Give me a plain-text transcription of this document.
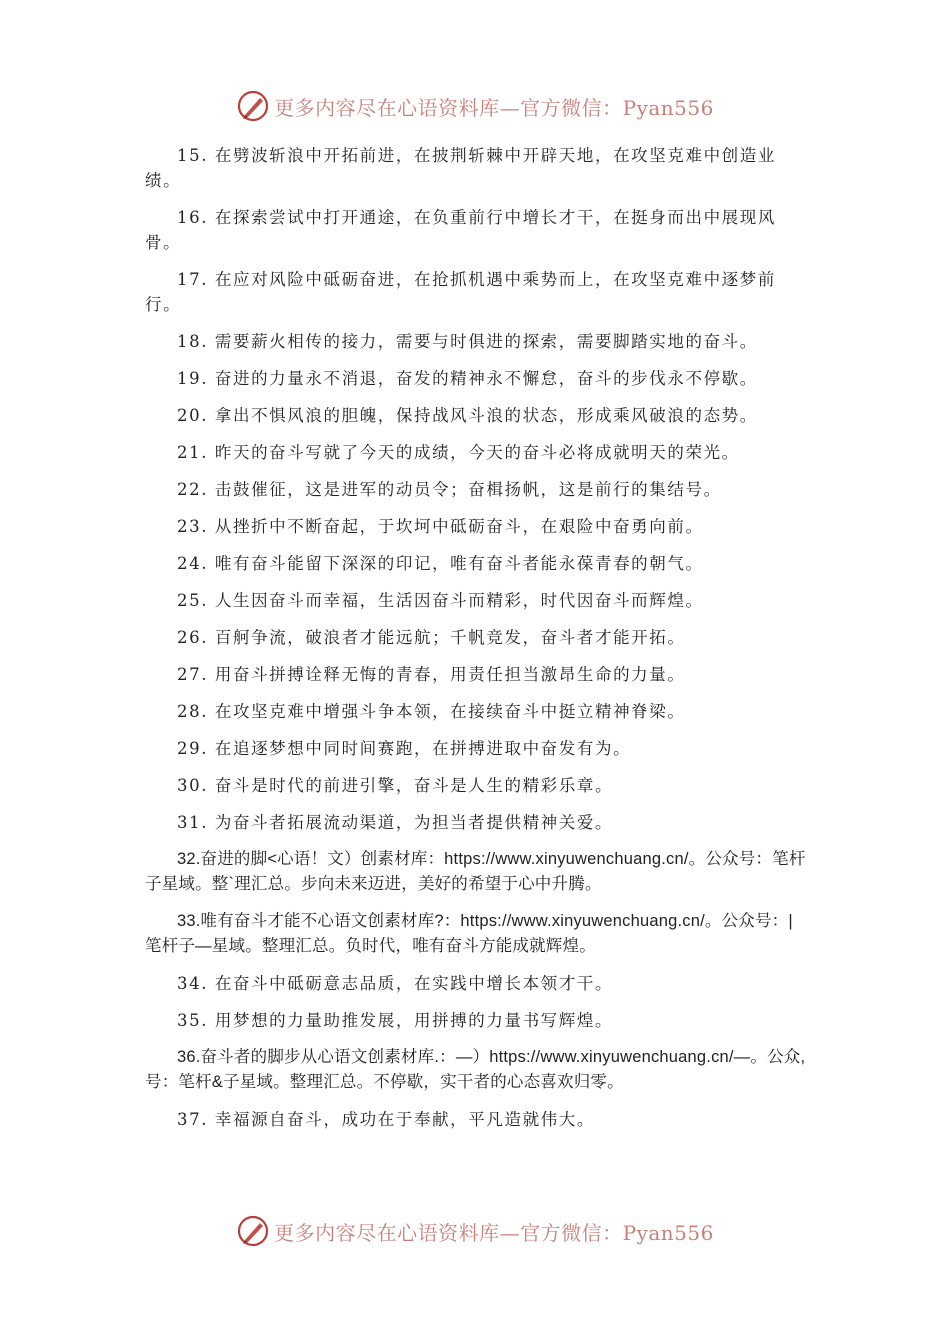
更多内容尽在心语资料库— 官方微信：Pyan556

15. 在劈波斩浪中开拓前进，在披荆斩棘中开辟天地，在攻坚克难中创造业绩。

16. 在探索尝试中打开通途，在负重前行中增长才干，在挺身而出中展现风骨。

17. 在应对风险中砥砺奋进，在抢抓机遇中乘势而上，在攻坚克难中逐梦前行。

18. 需要薪火相传的接力，需要与时俱进的探索，需要脚踏实地的奋斗。

19. 奋进的力量永不消退，奋发的精神永不懈怠，奋斗的步伐永不停歇。

20. 拿出不惧风浪的胆魄，保持战风斗浪的状态，形成乘风破浪的态势。

21. 昨天的奋斗写就了今天的成绩，今天的奋斗必将成就明天的荣光。

22. 击鼓催征，这是进军的动员令；奋楫扬帆，这是前行的集结号。

23. 从挫折中不断奋起，于坎坷中砥砺奋斗，在艰险中奋勇向前。

24. 唯有奋斗能留下深深的印记，唯有奋斗者能永葆青春的朝气。

25. 人生因奋斗而幸福，生活因奋斗而精彩，时代因奋斗而辉煌。

26. 百舸争流，破浪者才能远航；千帆竞发，奋斗者才能开拓。

27. 用奋斗拼搏诠释无悔的青春，用责任担当激昂生命的力量。

28. 在攻坚克难中增强斗争本领，在接续奋斗中挺立精神脊梁。

29. 在追逐梦想中同时间赛跑，在拼搏进取中奋发有为。

30. 奋斗是时代的前进引擎，奋斗是人生的精彩乐章。

31. 为奋斗者拓展流动渠道，为担当者提供精神关爱。

32.奋进的脚<心语！文）创素材库：https://www.xinyuwenchuang.cn/。公众号：笔杆子星域。整`理汇总。步向未来迈进，美好的希望于心中升腾。

33.唯有奋斗才能不心语文创素材库?：https://www.xinyuwenchuang.cn/。公众号：|笔杆子—星域。整理汇总。负时代，唯有奋斗方能成就辉煌。

34. 在奋斗中砥砺意志品质，在实践中增长本领才干。

35. 用梦想的力量助推发展，用拼搏的力量书写辉煌。

36.奋斗者的脚步从心语文创素材库.：—）https://www.xinyuwenchuang.cn/—。公众,号：笔杆&子星域。整理汇总。不停歇，实干者的心态喜欢归零。

37. 幸福源自奋斗，成功在于奉献，平凡造就伟大。

更多内容尽在心语资料库— 官方微信：Pyan556
